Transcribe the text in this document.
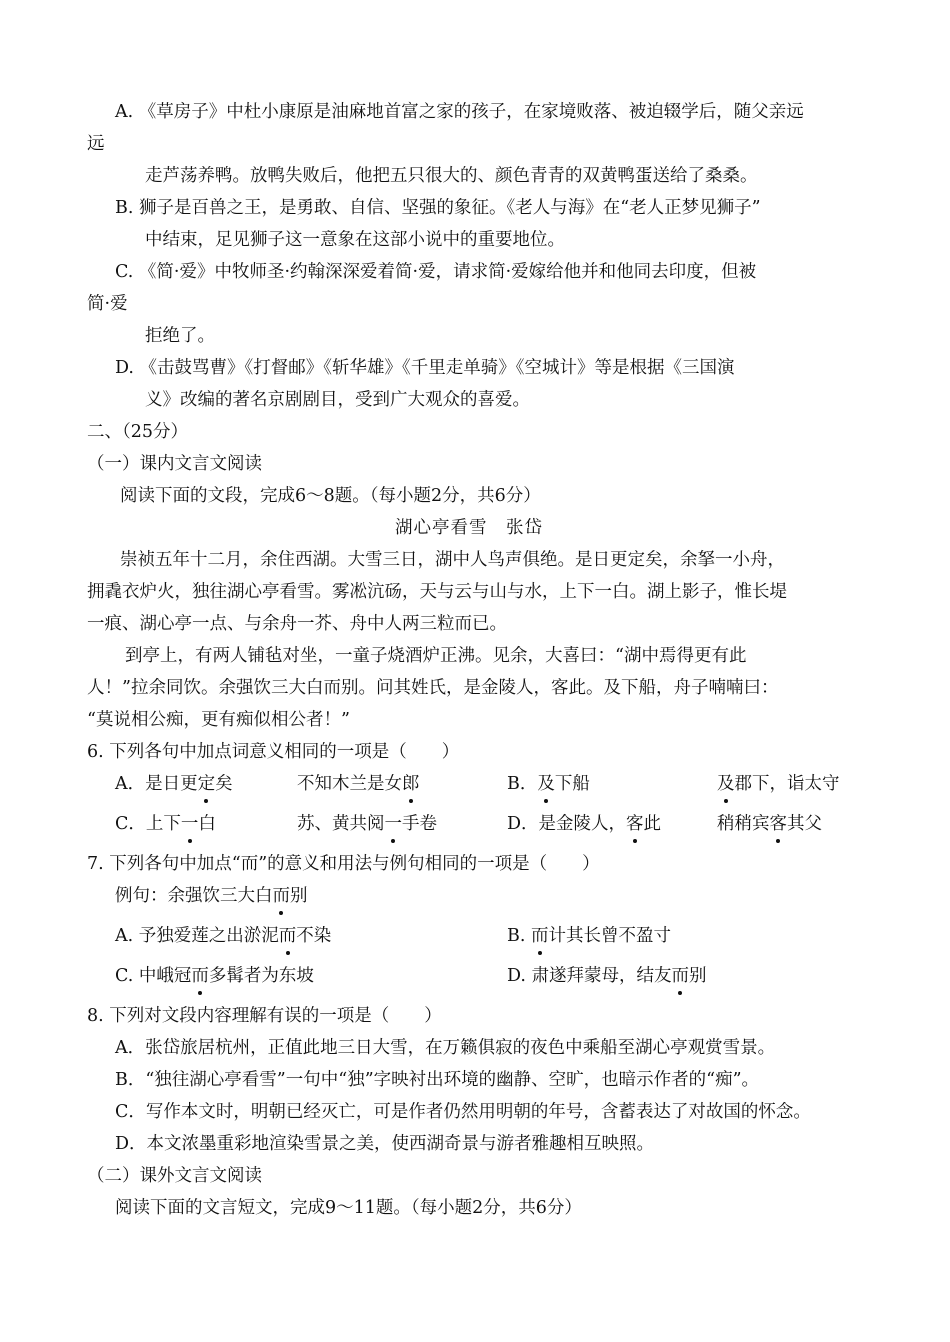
A. 《草房子》中杜小康原是油麻地首富之家的孩子，在家境败落、被迫辍学后，随父亲远
远
走芦荡养鸭。放鸭失败后，他把五只很大的、颜色青青的双黄鸭蛋送给了桑桑。
B. 狮子是百兽之王，是勇敢、自信、坚强的象征。《老人与海》在“老人正梦见狮子”
中结束，足见狮子这一意象在这部小说中的重要地位。
C. 《简·爱》中牧师圣·约翰深深爱着简·爱，请求简·爱嫁给他并和他同去印度，但被
简·爱
拒绝了。
D. 《击鼓骂曹》《打督邮》《斩华雄》《千里走单骑》《空城计》等是根据《三国演
义》改编的著名京剧剧目，受到广大观众的喜爱。
二、（25分）
（一）课内文言文阅读
阅读下面的文段，完成6～8题。（每小题2分，共6分）
湖心亭看雪　张岱
崇祯五年十二月，余住西湖。大雪三日，湖中人鸟声俱绝。是日更定矣，余拏一小舟，
拥毳衣炉火，独往湖心亭看雪。雾凇沆砀，天与云与山与水，上下一白。湖上影子，惟长堤
一痕、湖心亭一点、与余舟一芥、舟中人两三粒而已。
到亭上，有两人铺毡对坐，一童子烧酒炉正沸。见余，大喜曰：“湖中焉得更有此
人！”拉余同饮。余强饮三大白而别。问其姓氏，是金陵人，客此。及下船，舟子喃喃曰：
“莫说相公痴，更有痴似相公者！”
6. 下列各句中加点词意义相同的一项是（　　）
A．是日更定矣	不知木兰是女郎	B．及下船	及郡下，诣太守
C．上下一白	苏、黄共阅一手卷	D．是金陵人，客此	稍稍宾客其父
7. 下列各句中加点“而”的意义和用法与例句相同的一项是（　　）
例句：余强饮三大白而别
A. 予独爱莲之出淤泥而不染	B. 而计其长曾不盈寸
C. 中峨冠而多髯者为东坡	D. 肃遂拜蒙母，结友而别
8. 下列对文段内容理解有误的一项是（　　）
A．张岱旅居杭州，正值此地三日大雪，在万籁俱寂的夜色中乘船至湖心亭观赏雪景。
B．“独往湖心亭看雪”一句中“独”字映衬出环境的幽静、空旷，也暗示作者的“痴”。
C．写作本文时，明朝已经灭亡，可是作者仍然用明朝的年号，含蓄表达了对故国的怀念。
D．本文浓墨重彩地渲染雪景之美，使西湖奇景与游者雅趣相互映照。
（二）课外文言文阅读
阅读下面的文言短文，完成9～11题。（每小题2分，共6分）
